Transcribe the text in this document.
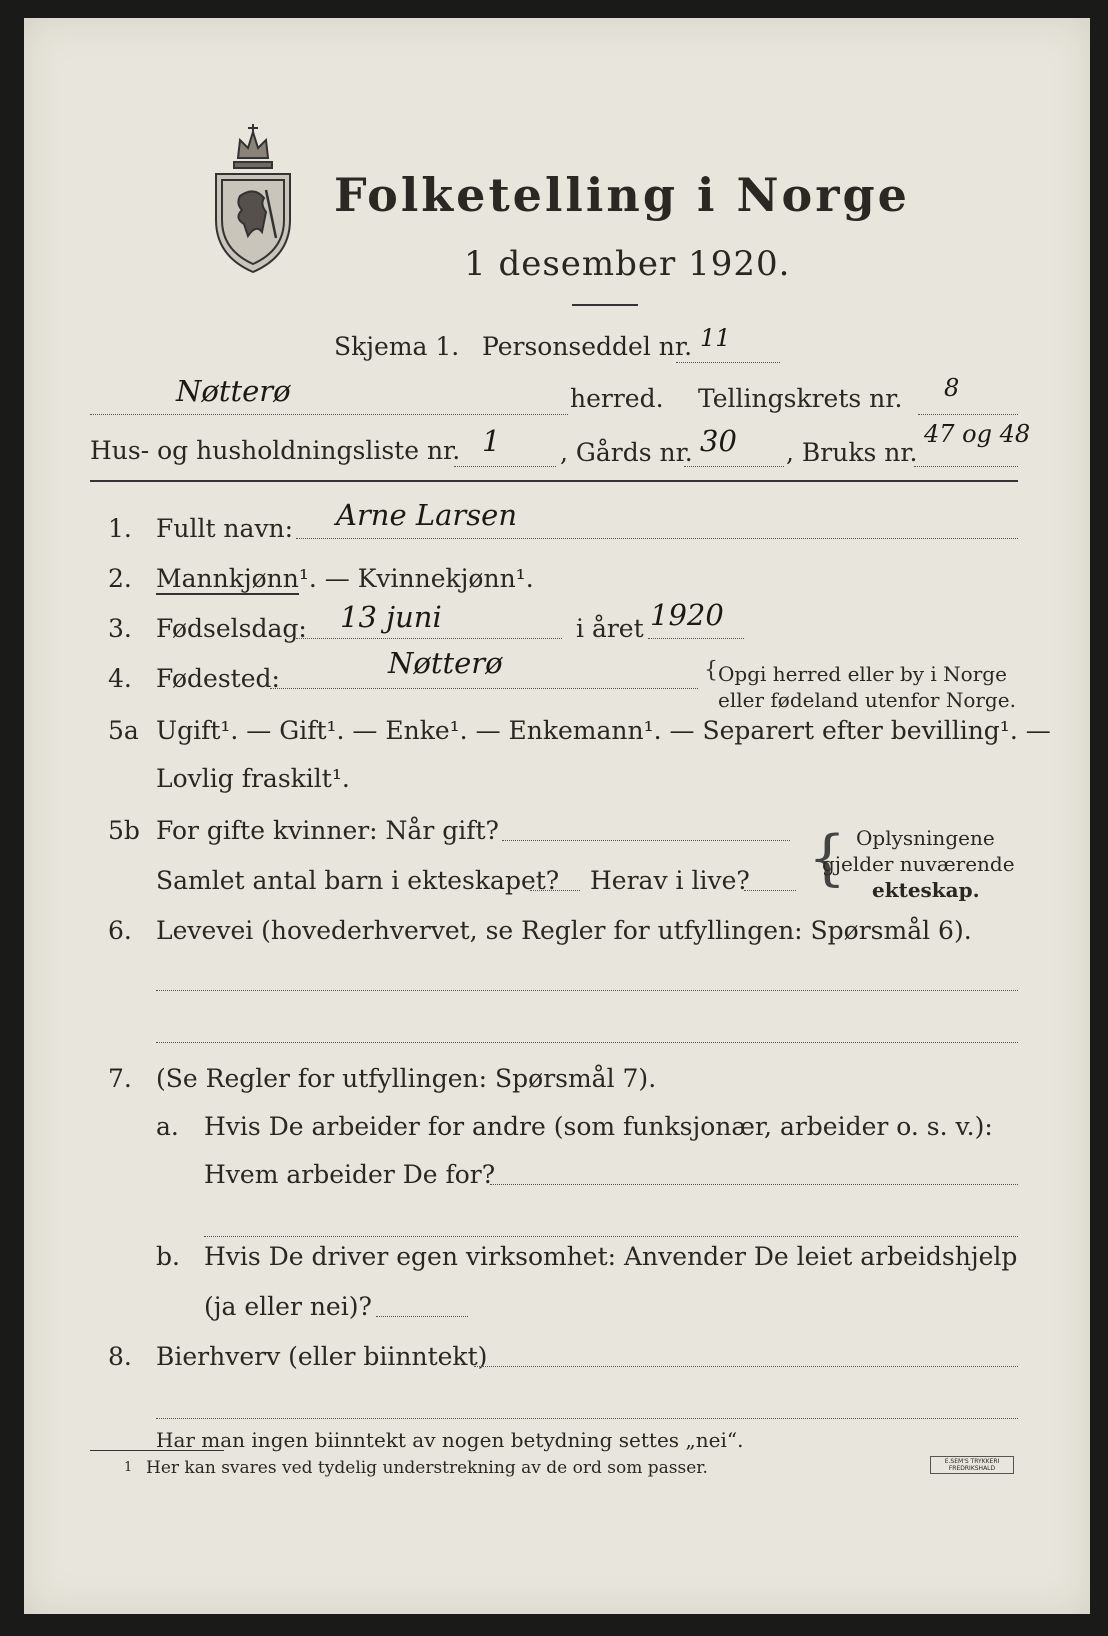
Folketelling i Norge
1 desember 1920.
Skjema 1. Personseddel nr. 11
Nøtterø	herred. Tellingskrets nr. 8
Hus- og husholdningsliste nr. 1 , Gårds nr. 30 , Bruks nr.
47 og 48
1. Fullt navn: Arne Larsen
2. Mannkjønn¹. — Kvinnekjønn¹.
3. Fødselsdag: 13 juni	i året 1920
4. Fødested:	Nøtterø	{ Opgi herred eller by i Norge
eller fødeland utenfor Norge.
5a Ugift¹. — Gift¹. — Enke¹. — Enkemann¹. — Separert efter bevilling¹. —
Lovlig fraskilt¹.
5b For gifte kvinner: Når gift?
Samlet antal barn i ekteskapet? Herav i live? { Oplysningene
gjelder nuværende
ekteskap.
6. Levevei (hovederhvervet, se Regler for utfyllingen: Spørsmål 6).
7. (Se Regler for utfyllingen: Spørsmål 7).
a. Hvis De arbeider for andre (som funksjonær, arbeider o. s. v.):
Hvem arbeider De for?
b. Hvis De driver egen virksomhet: Anvender De leiet arbeidshjelp
(ja eller nei)?
8. Bierhverv (eller biinntekt)
Har man ingen biinntekt av nogen betydning settes „nei“.
1 Her kan svares ved tydelig understrekning av de ord som passer.	E.SEM'S TRYKKERI
FREDRIKSHALD
